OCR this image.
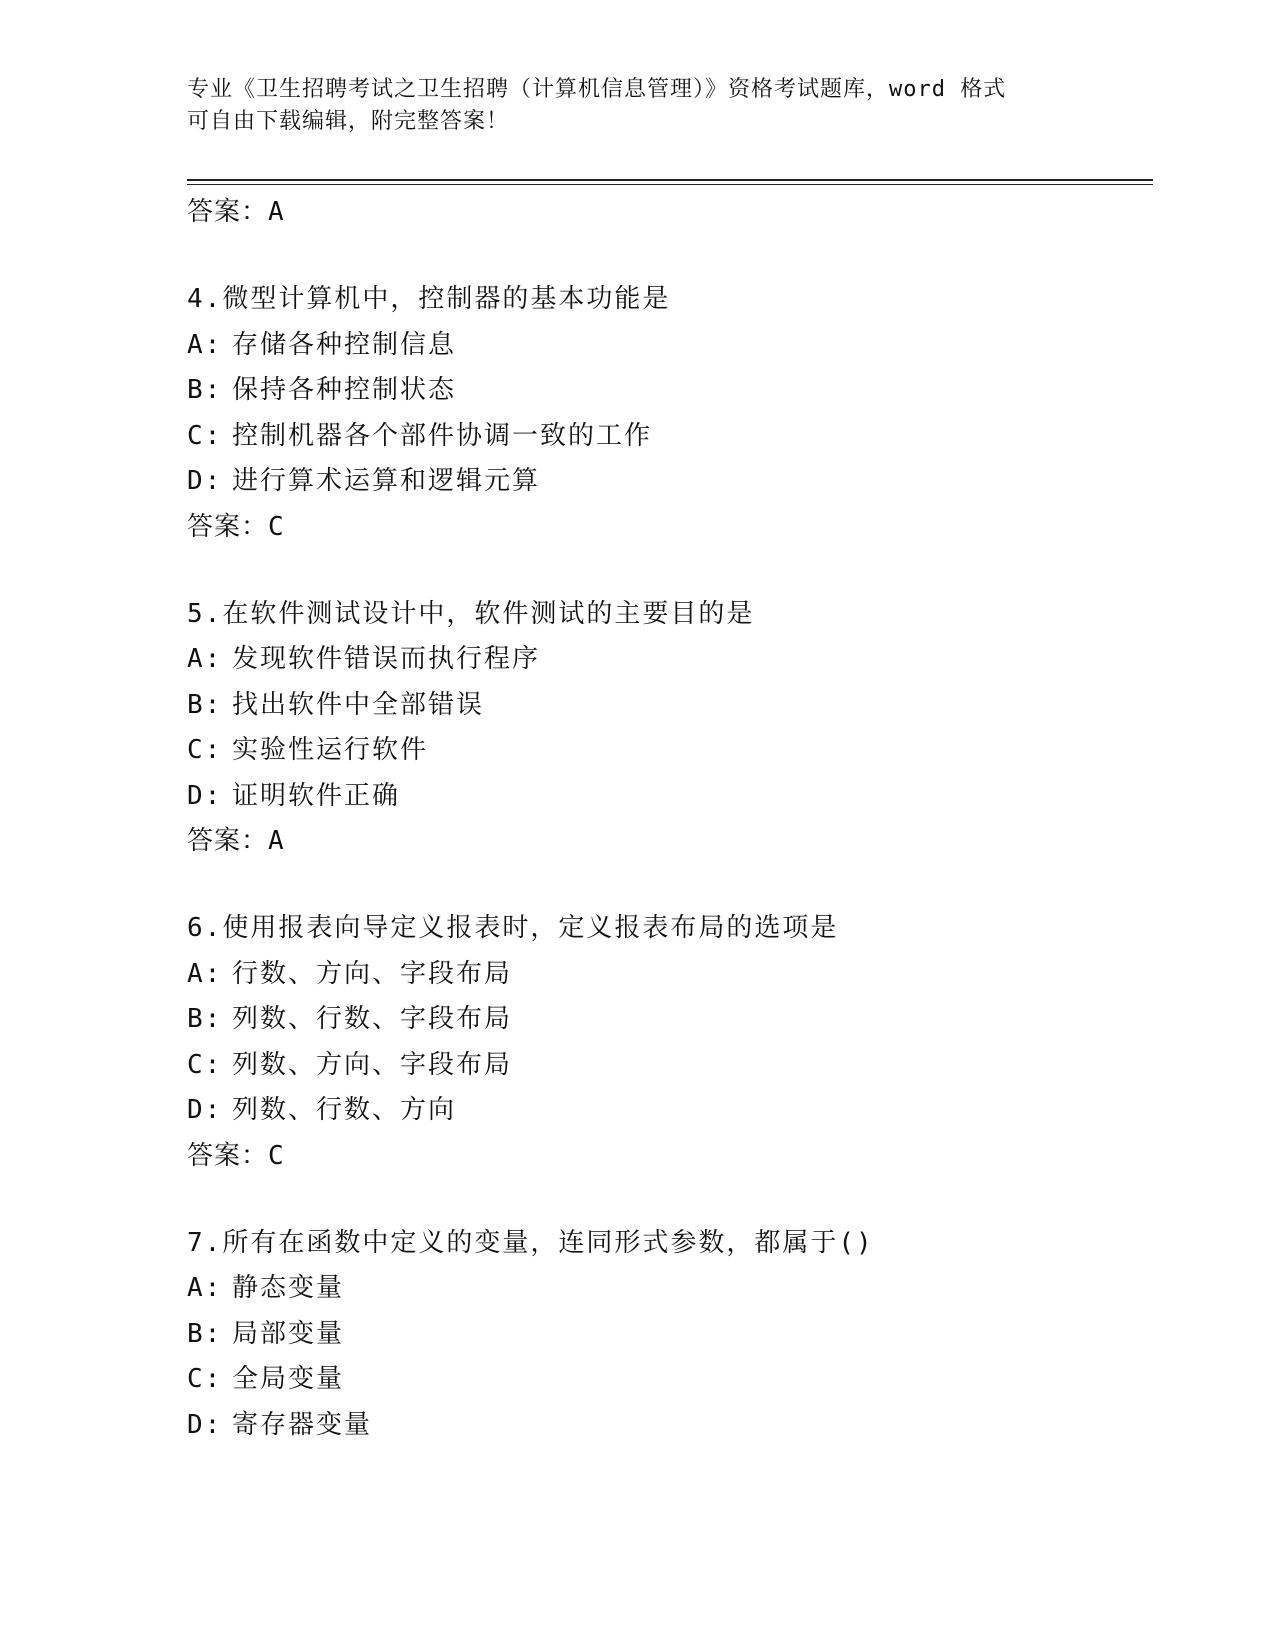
专业《卫生招聘考试之卫生招聘（计算机信息管理）》资格考试题库，word 格式
可自由下载编辑，附完整答案！
答案：A
4.微型计算机中，控制器的基本功能是
A: 存储各种控制信息
B: 保持各种控制状态
C: 控制机器各个部件协调一致的工作
D: 进行算术运算和逻辑元算
答案：C
5.在软件测试设计中，软件测试的主要目的是
A: 发现软件错误而执行程序
B: 找出软件中全部错误
C: 实验性运行软件
D: 证明软件正确
答案：A
6.使用报表向导定义报表时，定义报表布局的选项是
A: 行数、方向、字段布局
B: 列数、行数、字段布局
C: 列数、方向、字段布局
D: 列数、行数、方向
答案：C
7.所有在函数中定义的变量，连同形式参数，都属于()
A: 静态变量
B: 局部变量
C: 全局变量
D: 寄存器变量
